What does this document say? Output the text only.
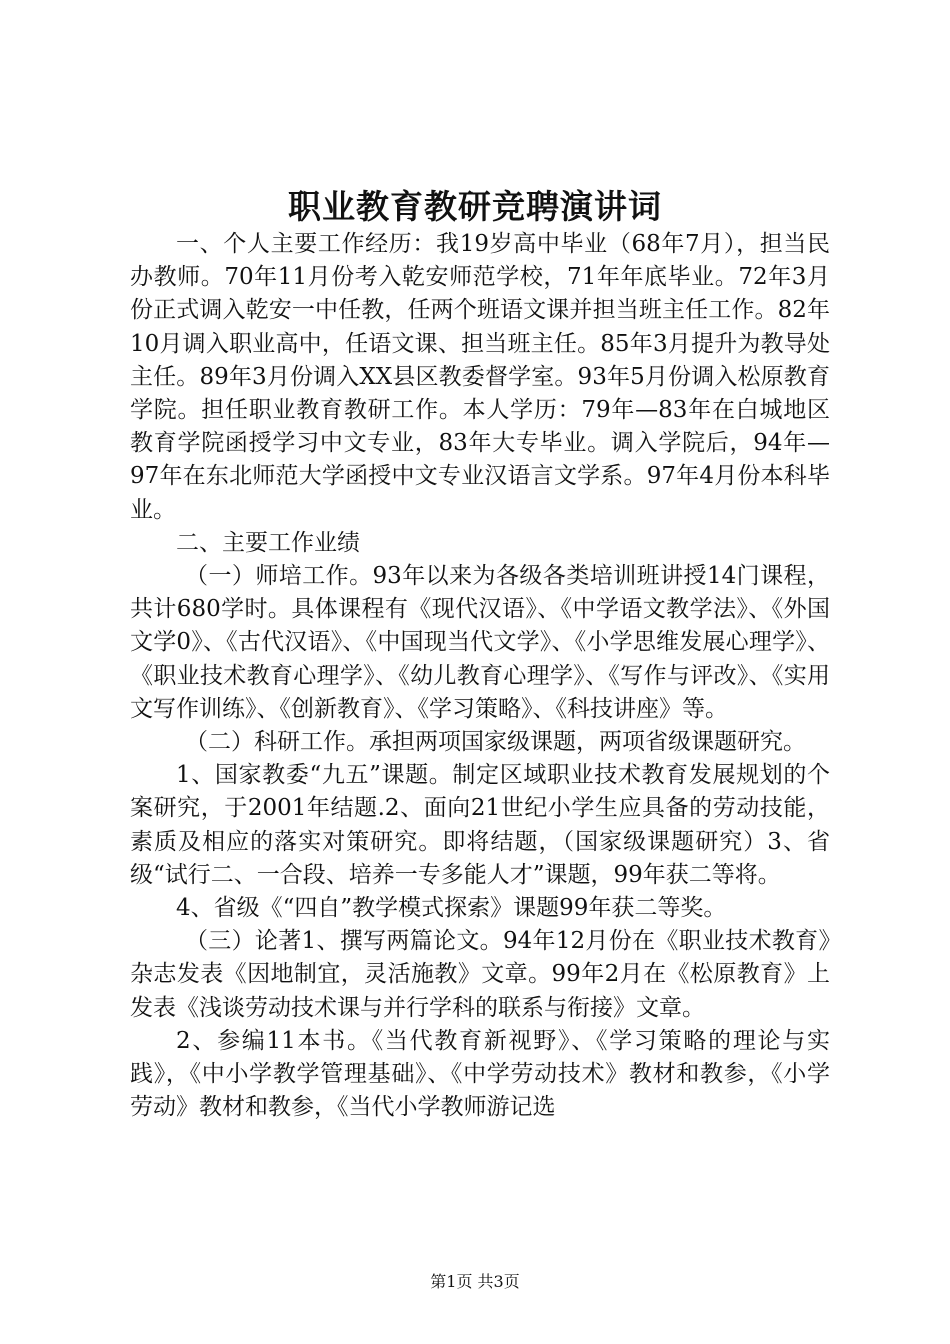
职业教育教研竞聘演讲词

一、个人主要工作经历：我19岁高中毕业（68年7月），担当民办教师。70年11月份考入乾安师范学校，71年年底毕业。72年3月份正式调入乾安一中任教，任两个班语文课并担当班主任工作。82年10月调入职业高中，任语文课、担当班主任。85年3月提升为教导处主任。89年3月份调入XX县区教委督学室。93年5月份调入松原教育学院。担任职业教育教研工作。本人学历：79年—83年在白城地区教育学院函授学习中文专业，83年大专毕业。调入学院后，94年—97年在东北师范大学函授中文专业汉语言文学系。97年4月份本科毕业。

二、主要工作业绩

（一）师培工作。93年以来为各级各类培训班讲授14门课程，共计680学时。具体课程有《现代汉语》、《中学语文教学法》、《外国文学0》、《古代汉语》、《中国现当代文学》、《小学思维发展心理学》、《职业技术教育心理学》、《幼儿教育心理学》、《写作与评改》、《实用文写作训练》、《创新教育》、《学习策略》、《科技讲座》等。

（二）科研工作。承担两项国家级课题，两项省级课题研究。

1、国家教委“九五”课题。制定区域职业技术教育发展规划的个案研究，于2001年结题.2、面向21世纪小学生应具备的劳动技能，素质及相应的落实对策研究。即将结题，（国家级课题研究）3、省级“试行二、一合段、培养一专多能人才”课题，99年获二等将。

4、省级《“四自”教学模式探索》课题99年获二等奖。

（三）论著1、撰写两篇论文。94年12月份在《职业技术教育》杂志发表《因地制宜，灵活施教》文章。99年2月在《松原教育》上发表《浅谈劳动技术课与并行学科的联系与衔接》文章。

2、参编11本书。《当代教育新视野》、《学习策略的理论与实践》，《中小学教学管理基础》、《中学劳动技术》教材和教参，《小学劳动》教材和教参，《当代小学教师游记选

第1页 共3页
